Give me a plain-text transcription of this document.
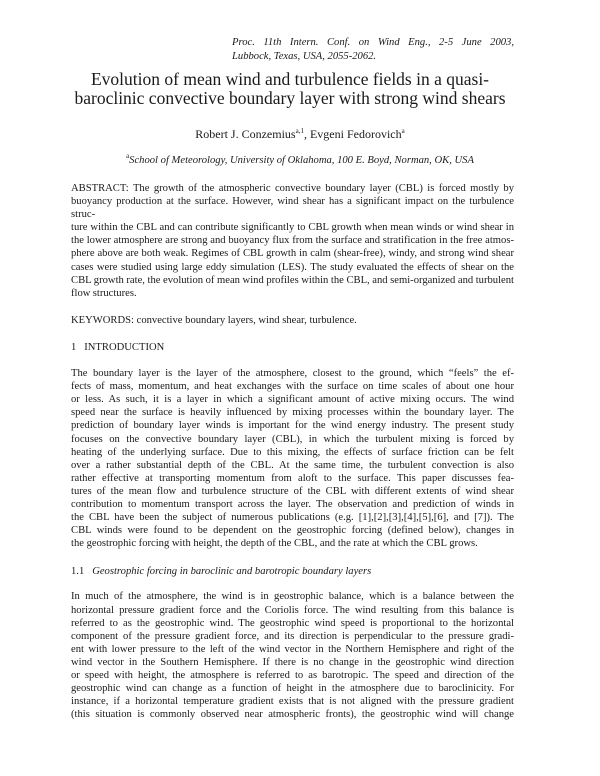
Proc. 11th Intern. Conf. on Wind Eng., 2-5 June 2003,
Lubbock, Texas, USA, 2055-2062.
Evolution of mean wind and turbulence fields in a quasi-
baroclinic convective boundary layer with strong wind shears
Robert J. Conzemius$^{a,1}$, Evgeni Fedorovich$^a$
$^a$School of Meteorology, University of Oklahoma, 100 E. Boyd, Norman, OK, USA
ABSTRACT: The growth of the atmospheric convective boundary layer (CBL) is forced mostly by
buoyancy production at the surface. However, wind shear has a significant impact on the turbulence struc-
ture within the CBL and can contribute significantly to CBL growth when mean winds or wind shear in
the lower atmosphere are strong and buoyancy flux from the surface and stratification in the free atmos-
phere above are both weak. Regimes of CBL growth in calm (shear-free), windy, and strong wind shear
cases were studied using large eddy simulation (LES). The study evaluated the effects of shear on the
CBL growth rate, the evolution of mean wind profiles within the CBL, and semi-organized and turbulent
flow structures.
KEYWORDS: convective boundary layers, wind shear, turbulence.
1 INTRODUCTION
The boundary layer is the layer of the atmosphere, closest to the ground, which “feels” the ef-
fects of mass, momentum, and heat exchanges with the surface on time scales of about one hour
or less. As such, it is a layer in which a significant amount of active mixing occurs. The wind
speed near the surface is heavily influenced by mixing processes within the boundary layer. The
prediction of boundary layer winds is important for the wind energy industry. The present study
focuses on the convective boundary layer (CBL), in which the turbulent mixing is forced by
heating of the underlying surface. Due to this mixing, the effects of surface friction can be felt
over a rather substantial depth of the CBL. At the same time, the turbulent convection is also
rather effective at transporting momentum from aloft to the surface. This paper discusses fea-
tures of the mean flow and turbulence structure of the CBL with different extents of wind shear
contribution to momentum transport across the layer. The observation and prediction of winds in
the CBL have been the subject of numerous publications (e.g. [1],[2],[3],[4],[5],[6], and [7]). The
CBL winds were found to be dependent on the geostrophic forcing (defined below), changes in
the geostrophic forcing with height, the depth of the CBL, and the rate at which the CBL grows.
1.1 Geostrophic forcing in baroclinic and barotropic boundary layers
In much of the atmosphere, the wind is in geostrophic balance, which is a balance between the
horizontal pressure gradient force and the Coriolis force. The wind resulting from this balance is
referred to as the geostrophic wind. The geostrophic wind speed is proportional to the horizontal
component of the pressure gradient force, and its direction is perpendicular to the pressure gradi-
ent with lower pressure to the left of the wind vector in the Northern Hemisphere and right of the
wind vector in the Southern Hemisphere. If there is no change in the geostrophic wind direction
or speed with height, the atmosphere is referred to as barotropic. The speed and direction of the
geostrophic wind can change as a function of height in the atmosphere due to baroclinicity. For
instance, if a horizontal temperature gradient exists that is not aligned with the pressure gradient
(this situation is commonly observed near atmospheric fronts), the geostrophic wind will change
